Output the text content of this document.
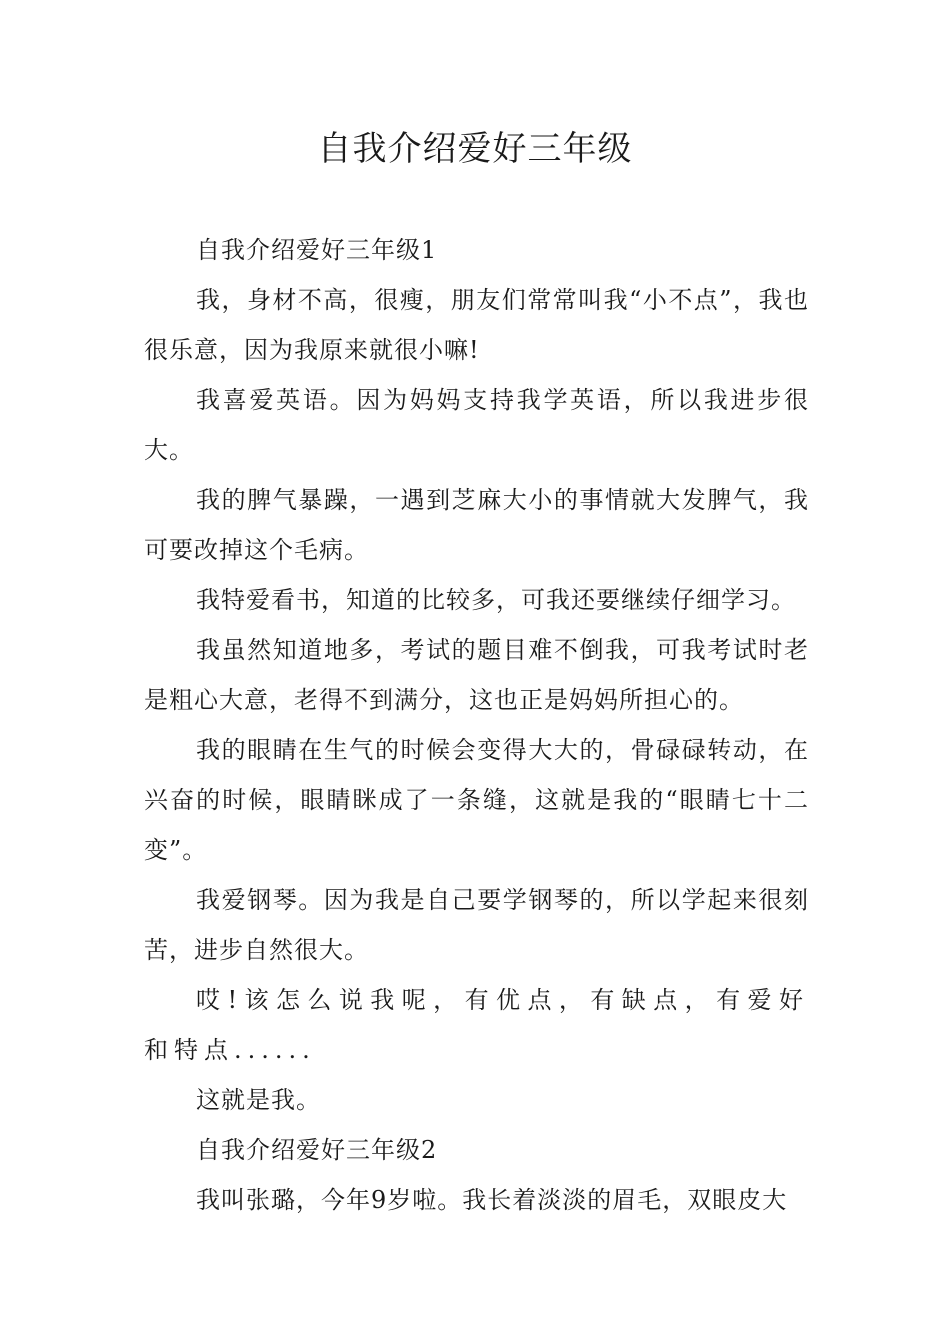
自我介绍爱好三年级

自我介绍爱好三年级1

我，身材不高，很瘦，朋友们常常叫我“小不点”，我也很乐意，因为我原来就很小嘛!

我喜爱英语。因为妈妈支持我学英语，所以我进步很大。

我的脾气暴躁，一遇到芝麻大小的事情就大发脾气，我可要改掉这个毛病。

我特爱看书，知道的比较多，可我还要继续仔细学习。

我虽然知道地多，考试的题目难不倒我，可我考试时老是粗心大意，老得不到满分，这也正是妈妈所担心的。

我的眼睛在生气的时候会变得大大的，骨碌碌转动，在兴奋的时候，眼睛眯成了一条缝，这就是我的“眼睛七十二变”。

我爱钢琴。因为我是自己要学钢琴的，所以学起来很刻苦，进步自然很大。

哎!该怎么说我呢，有优点，有缺点，有爱好和特点......

这就是我。

自我介绍爱好三年级2

我叫张璐，今年9岁啦。我长着淡淡的眉毛，双眼皮大
